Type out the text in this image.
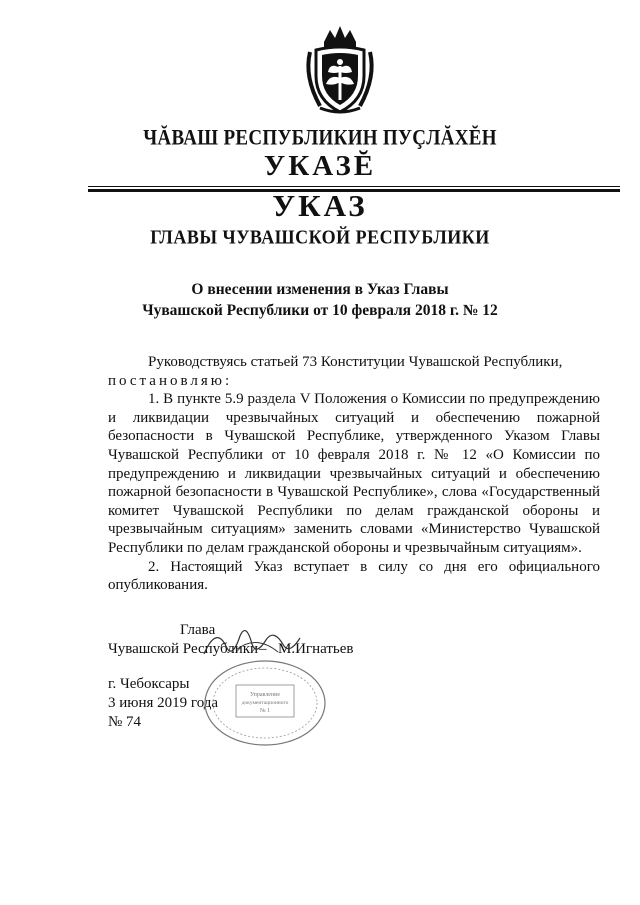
ЧĂВАШ РЕСПУБЛИКИН ПУÇЛĂХĔН
УКАЗĔ
УКАЗ
ГЛАВЫ ЧУВАШСКОЙ РЕСПУБЛИКИ
О внесении изменения в Указ Главы
Чувашской Республики от 10 февраля 2018 г. № 12

Руководствуясь статьей 73 Конституции Чувашской Республики,

постановляю:

1. В пункте 5.9 раздела V Положения о Комиссии по предупреждению и ликвидации чрезвычайных ситуаций и обеспечению пожарной безопасности в Чувашской Республике, утвержденного Указом Главы Чувашской Республики от 10 февраля 2018 г. № 12 «О Комиссии по предупреждению и ликвидации чрезвычайных ситуаций и обеспечению пожарной безопасности в Чувашской Республике», слова «Государственный комитет Чувашской Республики по делам гражданской обороны и чрезвычайным ситуациям» заменить словами «Министерство Чувашской Республики по делам гражданской обороны и чрезвычайным ситуациям».

2. Настоящий Указ вступает в силу со дня его официального опубликования.

Глава
Чувашской Республики – М.Игнатьев
г. Чебоксары
3 июня 2019 года
№ 74
Управление
документационного
№ 1
